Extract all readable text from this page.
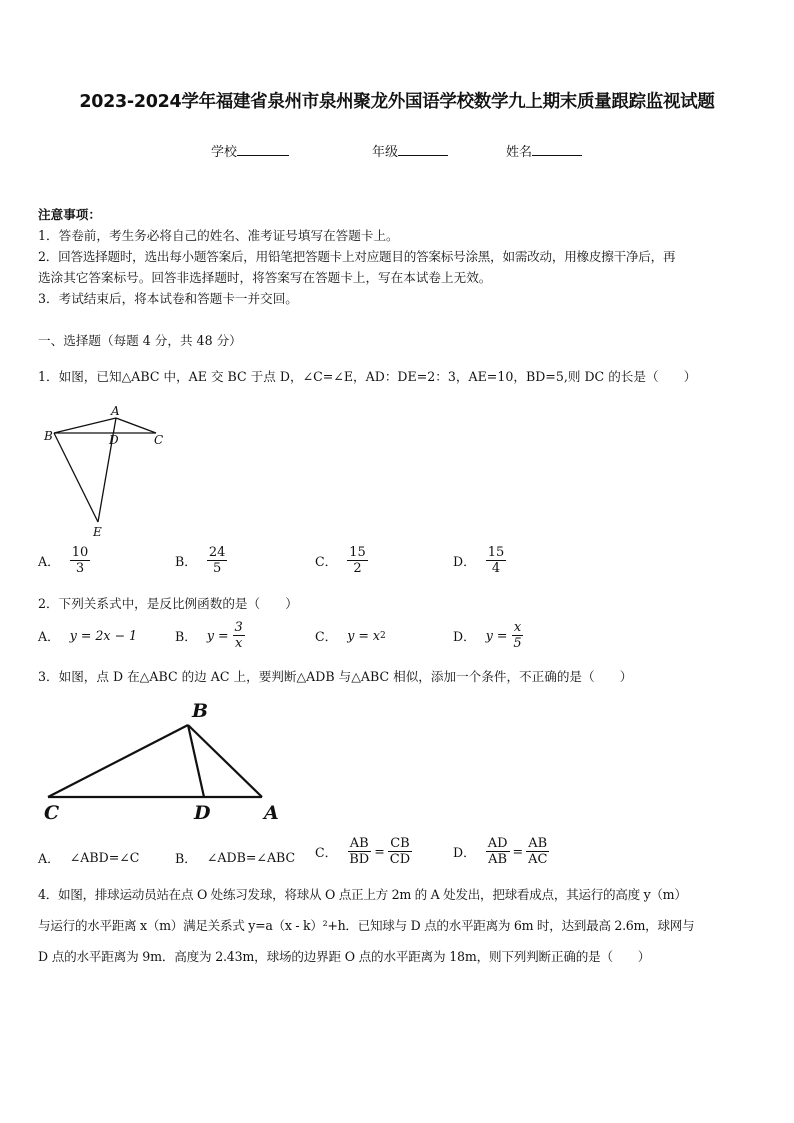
2023-2024学年福建省泉州市泉州聚龙外国语学校数学九上期末质量跟踪监视试题
学校	年级	姓名
注意事项：
1．答卷前，考生务必将自己的姓名、准考证号填写在答题卡上。
2．回答选择题时，选出每小题答案后，用铅笔把答题卡上对应题目的答案标号涂黑，如需改动，用橡皮擦干净后，再
选涂其它答案标号。回答非选择题时，将答案写在答题卡上，写在本试卷上无效。
3．考试结束后，将本试卷和答题卡一并交回。
一、选择题（每题 4 分，共 48 分）
1．如图，已知△ABC 中，AE 交 BC 于点 D，∠C=∠E，AD：DE=2：3，AE=10，BD=5,则 DC 的长是（　　）
A
B	D	C
E
A． $\frac{10}{3}$	B． $\frac{24}{5}$	C． $\frac{15}{2}$	D． $\frac{15}{4}$
2．下列关系式中，是反比例函数的是（　　）
A． y = 2x − 1	B． y =
$\frac{3}{x}$	C． y = x 2	D． y =
$\frac{x}{5}$
3．如图，点 D 在△ABC 的边 AC 上，要判断△ADB 与△ABC 相似，添加一个条件，不正确的是（　　）
B
C	D	A
A． ∠ABD=∠C	B． ∠ADB=∠ABC C． $\frac{AB}{BD} = \frac{CB}{CD}$	D． $\frac{AD}{AB} = \frac{AB}{AC}$
4．如图，排球运动员站在点 O 处练习发球，将球从 O 点正上方 2m 的 A 处发出，把球看成点，其运行的高度 y（m）
与运行的水平距离 x（m）满足关系式 y=a（x - k）²+h．已知球与 D 点的水平距离为 6m 时，达到最高 2.6m，球网与
D 点的水平距离为 9m．高度为 2.43m，球场的边界距 O 点的水平距离为 18m，则下列判断正确的是（　　）
